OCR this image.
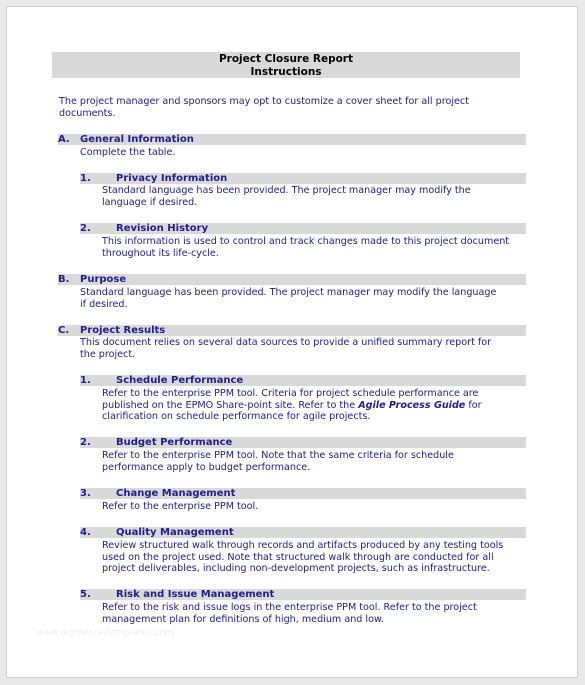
Project Closure Report
Instructions
The project manager and sponsors may opt to customize a cover sheet for all project
documents.
A. General Information
Complete the table.
1.	Privacy Information
Standard language has been provided. The project manager may modify the
language if desired.
2.	Revision History
This information is used to control and track changes made to this project document
throughout its life-cycle.
B. Purpose
Standard language has been provided. The project manager may modify the language
if desired.
C. Project Results
This document relies on several data sources to provide a unified summary report for
the project.
1.	Schedule Performance
Refer to the enterprise PPM tool. Criteria for project schedule performance are
published on the EPMO Share-point site. Refer to the Agile Process Guide for
clarification on schedule performance for agile projects.
2.	Budget Performance
Refer to the enterprise PPM tool. Note that the same criteria for schedule
performance apply to budget performance.
3.	Change Management
Refer to the enterprise PPM tool.
4.	Quality Management
Review structured walk through records and artifacts produced by any testing tools
used on the project used. Note that structured walk through are conducted for all
project deliverables, including non-development projects, such as infrastructure.
5.	Risk and Issue Management
Refer to the risk and issue logs in the enterprise PPM tool. Refer to the project
management plan for definitions of high, medium and low.
www.wordexceltemplates.com
